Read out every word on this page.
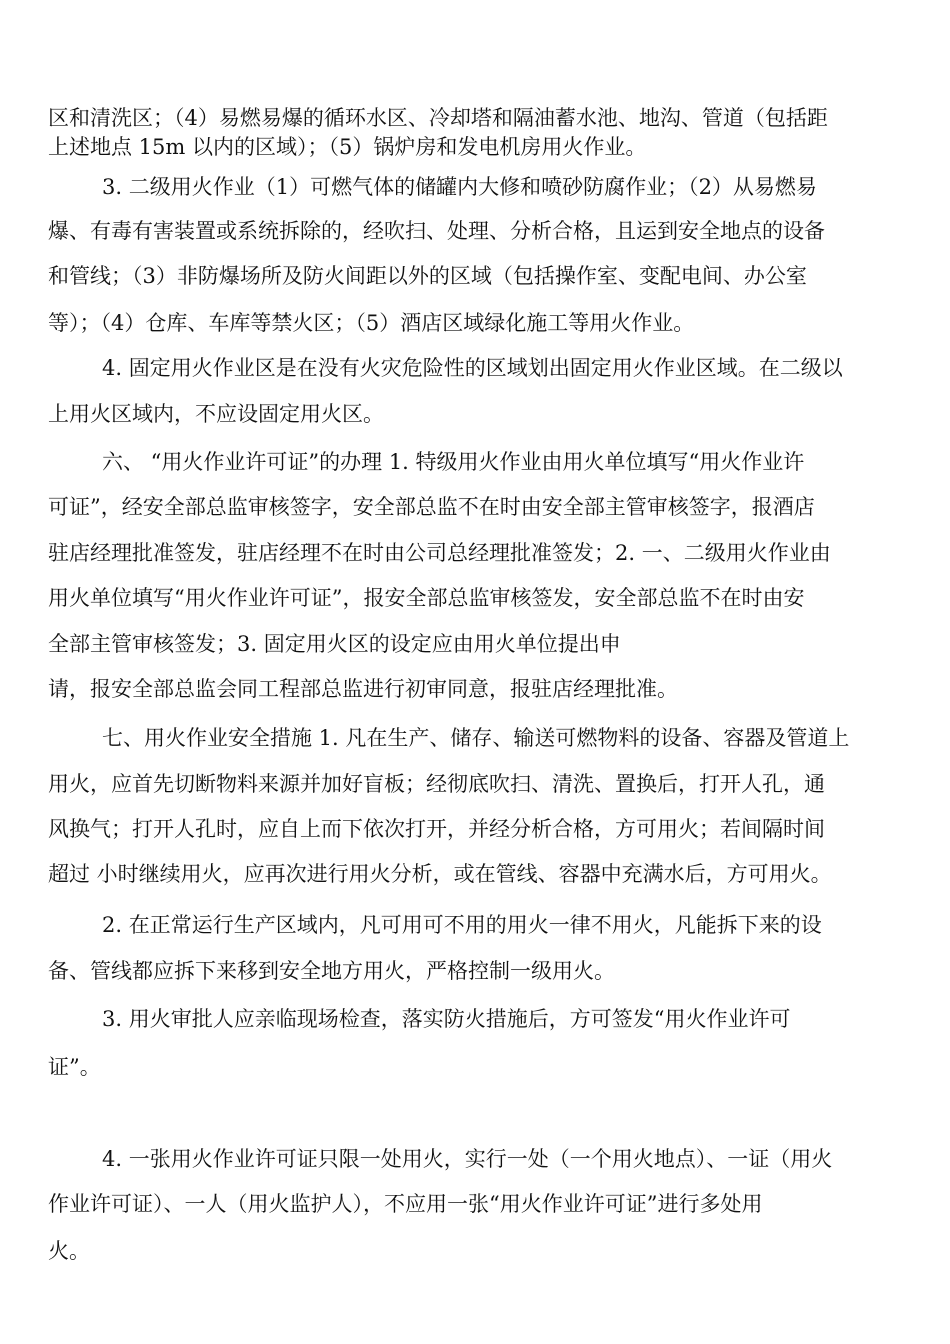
区和清洗区；（4）易燃易爆的循环水区、冷却塔和隔油蓄水池、地沟、管道（包括距
上述地点 15m 以内的区域）；（5）锅炉房和发电机房用火作业。
3. 二级用火作业（1）可燃气体的储罐内大修和喷砂防腐作业；（2）从易燃易
爆、有毒有害装置或系统拆除的，经吹扫、处理、分析合格，且运到安全地点的设备
和管线；（3）非防爆场所及防火间距以外的区域（包括操作室、变配电间、办公室
等）；（4）仓库、车库等禁火区；（5）酒店区域绿化施工等用火作业。
4. 固定用火作业区是在没有火灾危险性的区域划出固定用火作业区域。在二级以
上用火区域内，不应设固定用火区。
六、 “用火作业许可证”的办理 1. 特级用火作业由用火单位填写“用火作业许
可证”，经安全部总监审核签字，安全部总监不在时由安全部主管审核签字，报酒店
驻店经理批准签发，驻店经理不在时由公司总经理批准签发；2. 一、二级用火作业由
用火单位填写“用火作业许可证”，报安全部总监审核签发，安全部总监不在时由安
全部主管审核签发；3. 固定用火区的设定应由用火单位提出申
请，报安全部总监会同工程部总监进行初审同意，报驻店经理批准。
七、用火作业安全措施 1. 凡在生产、储存、输送可燃物料的设备、容器及管道上
用火，应首先切断物料来源并加好盲板；经彻底吹扫、清洗、置换后，打开人孔，通
风换气；打开人孔时，应自上而下依次打开，并经分析合格，方可用火；若间隔时间
超过 小时继续用火，应再次进行用火分析，或在管线、容器中充满水后，方可用火。
2. 在正常运行生产区域内，凡可用可不用的用火一律不用火，凡能拆下来的设
备、管线都应拆下来移到安全地方用火，严格控制一级用火。
3. 用火审批人应亲临现场检查，落实防火措施后，方可签发“用火作业许可
证”。
4. 一张用火作业许可证只限一处用火，实行一处（一个用火地点）、一证（用火
作业许可证）、一人（用火监护人），不应用一张“用火作业许可证”进行多处用
火。
